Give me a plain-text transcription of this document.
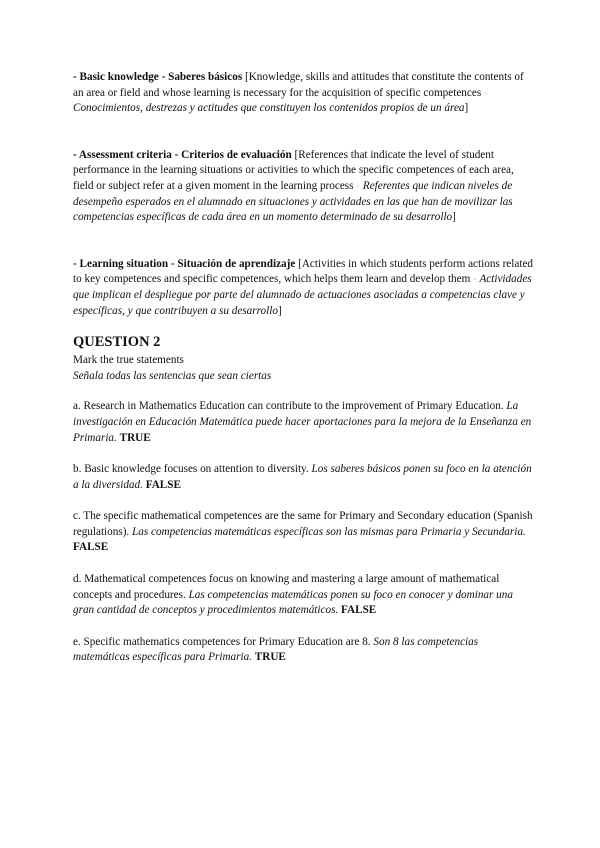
- Basic knowledge - Saberes básicos [Knowledge, skills and attitudes that constitute the contents of an area or field and whose learning is necessary for the acquisition of specific competences - Conocimientos, destrezas y actitudes que constituyen los contenidos propios de un área]

- Assessment criteria - Criterios de evaluación [References that indicate the level of student performance in the learning situations or activities to which the specific competences of each area, field or subject refer at a given moment in the learning process - Referentes que indican niveles de desempeño esperados en el alumnado en situaciones y actividades en las que han de movilizar las competencias específicas de cada área en un momento determinado de su desarrollo]

- Learning situation - Situación de aprendizaje [Activities in which students perform actions related to key competences and specific competences, which helps them learn and develop them - Actividades que implican el despliegue por parte del alumnado de actuaciones asociadas a competencias clave y específicas, y que contribuyen a su desarrollo]

QUESTION 2

Mark the true statements

Señala todas las sentencias que sean ciertas

a. Research in Mathematics Education can contribute to the improvement of Primary Education. La investigación en Educación Matemática puede hacer aportaciones para la mejora de la Enseñanza en Primaria. TRUE

b. Basic knowledge focuses on attention to diversity. Los saberes básicos ponen su foco en la atención a la diversidad. FALSE

c. The specific mathematical competences are the same for Primary and Secondary education (Spanish regulations). Las competencias matemáticas específicas son las mismas para Primaria y Secundaria. FALSE

d. Mathematical competences focus on knowing and mastering a large amount of mathematical concepts and procedures. Las competencias matemáticas ponen su foco en conocer y dominar una gran cantidad de conceptos y procedimientos matemáticos. FALSE

e. Specific mathematics competences for Primary Education are 8. Son 8 las competencias matemáticas específicas para Primaria. TRUE
